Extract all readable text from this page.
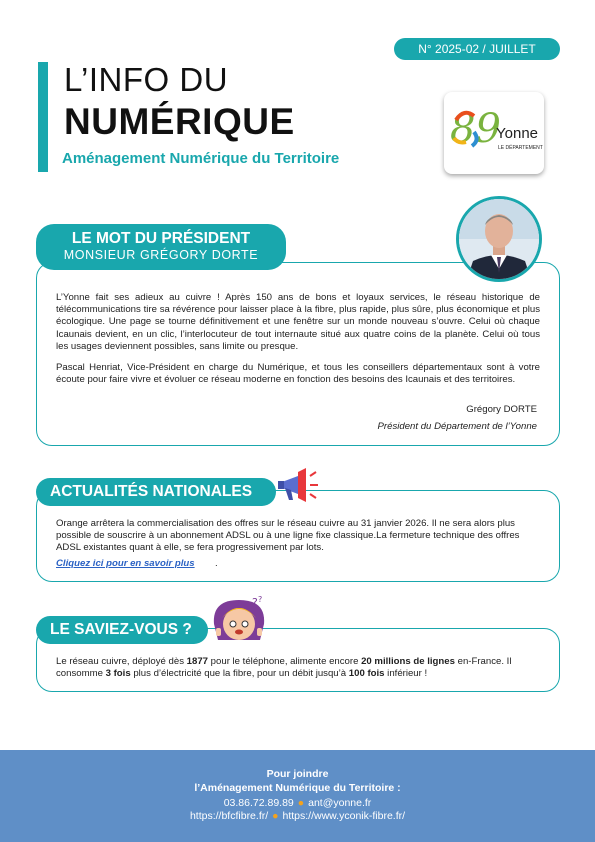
N° 2025-02 / JUILLET
L’INFO DU
NUMÉRIQUE
Aménagement Numérique du Territoire
89
Yonne
LE DÉPARTEMENT
LE MOT DU PRÉSIDENT
MONSIEUR GRÉGORY DORTE
L’Yonne fait ses adieux au cuivre ! Après 150 ans de bons et loyaux services, le réseau historique de télécommunications tire sa révérence pour laisser place à la fibre, plus rapide, plus sûre, plus économique et plus écologique. Une page se tourne définitivement et une fenêtre sur un monde nouveau s’ouvre. Celui où chaque Icaunais devient, en un clic, l’interlocuteur de tout internaute situé aux quatre coins de la planète. Celui où tous les usages deviennent possibles, sans limite ou presque.
Pascal Henriat, Vice-Président en charge du Numérique, et tous les conseillers départementaux sont à votre écoute pour faire vivre et évoluer ce réseau moderne en fonction des besoins des Icaunais et des territoires.
Grégory DORTE
Président du Département de l’Yonne
ACTUALITÉS NATIONALES
Orange arrêtera la commercialisation des offres sur le réseau cuivre au 31 janvier 2026. Il ne sera alors plus possible de souscrire à un abonnement ADSL ou à une ligne fixe classique.La fermeture technique des offres ADSL existantes quant à elle, se fera progressivement par lots.
Cliquez ici pour en savoir plus .
LE SAVIEZ-VOUS ?
? ?
Le réseau cuivre, déployé dès 1877 pour le téléphone, alimente encore 20 millions de lignes en-France. Il consomme 3 fois plus d’électricité que la fibre, pour un débit jusqu’à 100 fois inférieur !
Pour joindre
l’Aménagement Numérique du Territoire :
03.86.72.89.89 ● ant@yonne.fr
https://bfcfibre.fr/ ● https://www.yconik-fibre.fr/
